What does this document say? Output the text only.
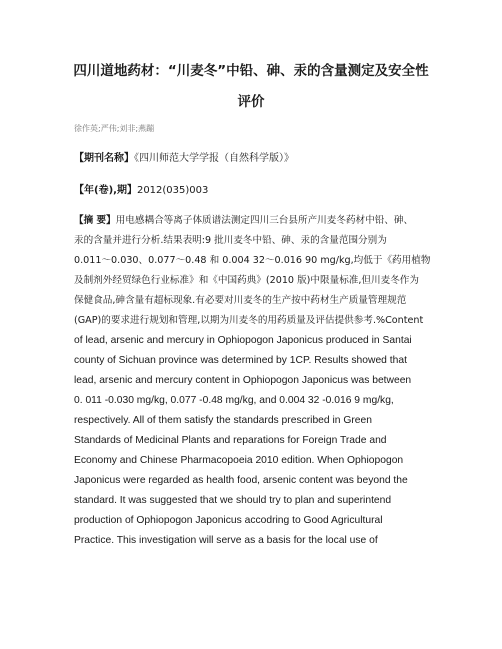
四川道地药材：“川麦冬”中铅、砷、汞的含量测定及安全性
评价
徐作英;严伟;刘非;燕蹦
【期刊名称】《四川师范大学学报（自然科学版）》
【年(卷),期】2012(035)003
【摘 要】用电感耦合等离子体质谱法测定四川三台县所产川麦冬药材中铅、砷、
汞的含量并进行分析.结果表明:9 批川麦冬中铅、砷、汞的含量范围分别为
0.011～0.030、0.077～0.48 和 0.004 32～0.016 90 mg/kg,均低于《药用植物
及制剂外经贸绿色行业标准》和《中国药典》(2010 版)中限量标准,但川麦冬作为
保健食品,砷含量有超标现象.有必要对川麦冬的生产按中药材生产质量管理规范
(GAP)的要求进行规划和管理,以期为川麦冬的用药质量及评估提供参考.%Content
of lead, arsenic and mercury in Ophiopogon Japonicus produced in Santai
county of Sichuan province was determined by 1CP. Results showed that
lead, arsenic and mercury content in Ophiopogon Japonicus was between
0. 011 -0.030 mg/kg, 0.077 -0.48 mg/kg, and 0.004 32 -0.016 9 mg/kg,
respectively. All of them satisfy the standards prescribed in Green
Standards of Medicinal Plants and reparations for Foreign Trade and
Economy and Chinese Pharmacopoeia 2010 edition. When Ophiopogon
Japonicus were regarded as health food, arsenic content was beyond the
standard. It was suggested that we should try to plan and superintend
production of Ophiopogon Japonicus accodring to Good Agricultural
Practice. This investigation will serve as a basis for the local use of
